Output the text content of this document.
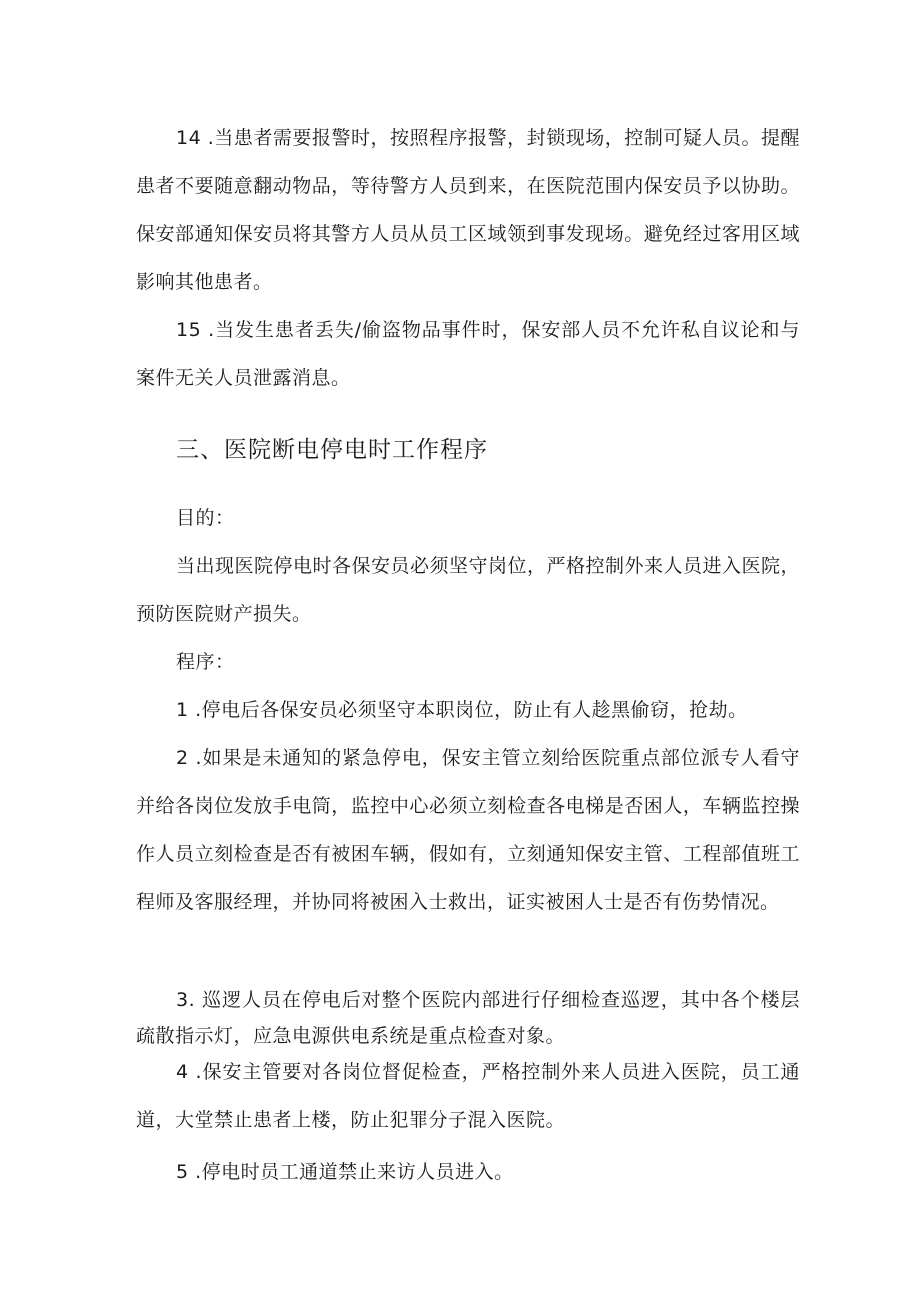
14 .当患者需要报警时，按照程序报警，封锁现场，控制可疑人员。提醒患者不要随意翻动物品，等待警方人员到来，在医院范围内保安员予以协助。保安部通知保安员将其警方人员从员工区域领到事发现场。避免经过客用区域影响其他患者。

15 .当发生患者丢失/偷盗物品事件时，保安部人员不允许私自议论和与案件无关人员泄露消息。

三、医院断电停电时工作程序

目的：

当出现医院停电时各保安员必须坚守岗位，严格控制外来人员进入医院，预防医院财产损失。

程序：

1 .停电后各保安员必须坚守本职岗位，防止有人趁黑偷窃，抢劫。

2 .如果是未通知的紧急停电，保安主管立刻给医院重点部位派专人看守并给各岗位发放手电筒，监控中心必须立刻检查各电梯是否困人，车辆监控操作人员立刻检查是否有被困车辆，假如有，立刻通知保安主管、工程部值班工程师及客服经理，并协同将被困入士救出，证实被困人士是否有伤势情况。

3. 巡逻人员在停电后对整个医院内部进行仔细检查巡逻，其中各个楼层疏散指示灯，应急电源供电系统是重点检查对象。

4 .保安主管要对各岗位督促检查，严格控制外来人员进入医院，员工通道，大堂禁止患者上楼，防止犯罪分子混入医院。

5 .停电时员工通道禁止来访人员进入。
